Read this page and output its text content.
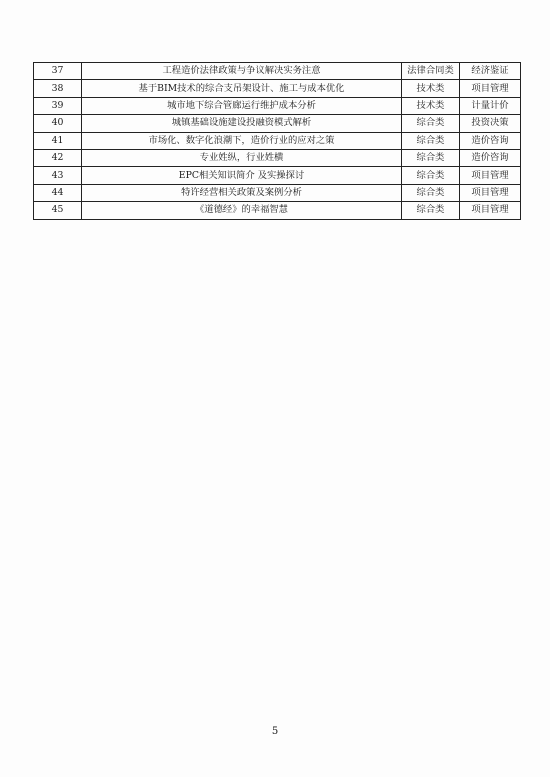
37	工程造价法律政策与争议解决实务注意	法律合同类	经济鉴证
38	基于BIM技术的综合支吊架设计、施工与成本优化	技术类	项目管理
39	城市地下综合管廊运行维护成本分析	技术类	计量计价
40	城镇基础设施建设投融资模式解析	综合类	投资决策
41	市场化、数字化浪潮下，造价行业的应对之策	综合类	造价咨询
42	专业姓纵，行业姓横	综合类	造价咨询
43	EPC相关知识简介 及实操探讨	综合类	项目管理
44	特许经营相关政策及案例分析	综合类	项目管理
45	《道德经》的幸福智慧	综合类	项目管理
5
